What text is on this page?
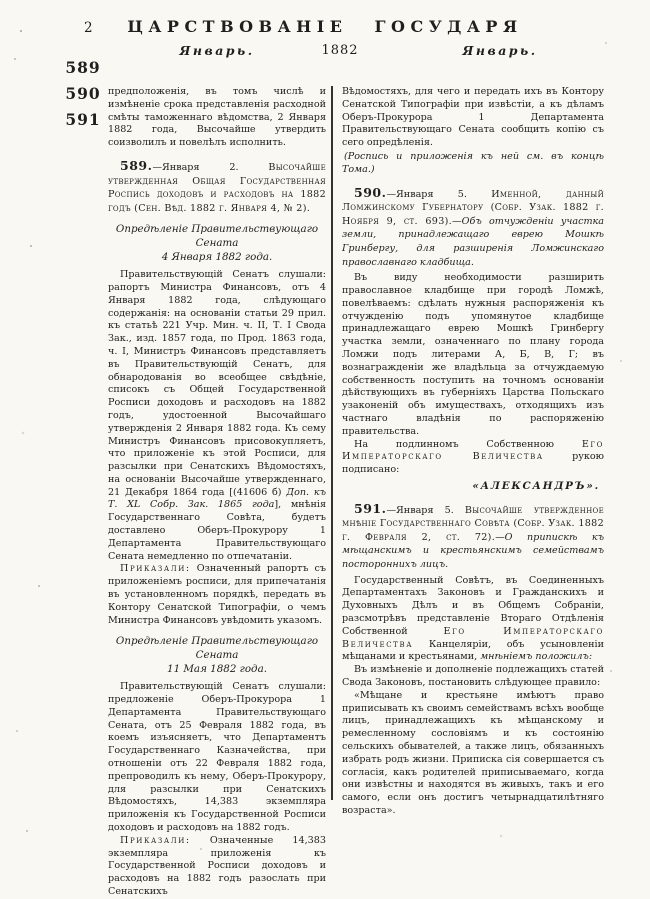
2	ЦАРСТВОВАНІЕ ГОСУДАРЯ
Январь.	1882	Январь.
589
590
591

предположенія, въ томъ числѣ и измѣненіе срока представленія расходной смѣты таможеннаго вѣдомства, 2 Января 1882 года, Высочайше утвердить соизволилъ и повелѣлъ исполнить.

589.—Января 2. Высочайше утвержденная Общая Государственная Роспись доходовъ и расходовъ на 1882 годъ (Сен. Вѣд. 1882 г. Января 4, № 2).

Опредѣленіе Правительствующаго Сената
4 Января 1882 года.

Правительствующій Сенатъ слушали: рапортъ Министра Финансовъ, отъ 4 Января 1882 года, слѣдующаго содержанія: на основаніи статьи 29 прил. къ статьѣ 221 Учр. Мин. ч. II, Т. I Свода Зак., изд. 1857 года, по Прод. 1863 года, ч. I, Министръ Финансовъ представляетъ въ Правительствующій Сенатъ, для обнародованія во всеобщее свѣдѣніе, списокъ съ Общей Государственной Росписи доходовъ и расходовъ на 1882 годъ, удостоенной Высочайшаго утвержденія 2 Января 1882 года. Къ сему Министръ Финансовъ присовокупляетъ, что приложеніе къ этой Росписи, для разсылки при Сенатскихъ Вѣдомостяхъ, на основаніи Высочайше утвержденнаго, 21 Декабря 1864 года [(41606 б) Доп. къ Т. XL Собр. Зак. 1865 года], мнѣнія Государственнаго Совѣта, будетъ доставлено Оберъ-Прокурору 1 Департамента Правительствующаго Сената немедленно по отпечатаніи.

Приказали: Означенный рапортъ съ приложеніемъ росписи, для припечатанія въ установленномъ порядкѣ, передать въ Контору Сенатской Типографіи, о чемъ Министра Финансовъ увѣдомить указомъ.

Опредѣленіе Правительствующаго Сената
11 Мая 1882 года.

Правительствующій Сенатъ слушали: предложеніе Оберъ-Прокурора 1 Департамента Правительствующаго Сената, отъ 25 Февраля 1882 года, въ коемъ изъясняетъ, что Департаментъ Государственнаго Казначейства, при отношеніи отъ 22 Февраля 1882 года, препроводилъ къ нему, Оберъ-Прокурору, для разсылки при Сенатскихъ Вѣдомостяхъ, 14,383 экземпляра приложенія къ Государственной Росписи доходовъ и расходовъ на 1882 годъ.

Приказали: Означенные 14,383 экземпляра приложенія къ Государственной Росписи доходовъ и расходовъ на 1882 годъ разослать при Сенатскихъ

Вѣдомостяхъ, для чего и передать ихъ въ Контору Сенатской Типографіи при извѣстіи, а къ дѣламъ Оберъ-Прокурора 1 Департамента Правительствующаго Сената сообщить копію съ сего опредѣленія.

(Роспись и приложенія къ ней см. въ концѣ Тома.)

590.—Января 5. Именной, данный Ломжинскому Губернатору (Собр. Узак. 1882 г. Ноября 9, ст. 693).—Объ отчужденіи участка земли, принадлежащаго еврею Мошкѣ Гринбергу, для разширенія Ломжинскаго православнаго кладбища.

Въ виду необходимости разширить православное кладбище при городѣ Ломжѣ, повелѣваемъ: сдѣлать нужныя распоряженія къ отчужденію подъ упомянутое кладбище принадлежащаго еврею Мошкѣ Гринбергу участка земли, означеннаго по плану города Ломжи подъ литерами А, Б, В, Г; въ вознагражденіи же владѣльца за отчуждаемую собственность поступить на точномъ основаніи дѣйствующихъ въ губерніяхъ Царства Польскаго узаконеній объ имуществахъ, отходящихъ изъ частнаго владѣнія по распоряженію правительства.

На подлинномъ Собственною Его Императорскаго Величества рукою подписано:

«АЛЕКСАНДРЪ».

591.—Января 5. Высочайше утвержденное мнѣніе Государственнаго Совѣта (Собр. Узак. 1882 г. Февраля 2, ст. 72).—О припискѣ къ мѣщанскимъ и крестьянскимъ семействамъ постороннихъ лицъ.

Государственный Совѣтъ, въ Соединенныхъ Департаментахъ Законовъ и Гражданскихъ и Духовныхъ Дѣлъ и въ Общемъ Собраніи, разсмотрѣвъ представленіе Втораго Отдѣленія Собственной Его Императорскаго Величества Канцеляріи, объ усыновленіи мѣщанами и крестьянами, мнѣніемъ положилъ:

Въ измѣненіе и дополненіе подлежащихъ статей Свода Законовъ, постановить слѣдующее правило:

«Мѣщане и крестьяне имѣютъ право приписывать къ своимъ семействамъ всѣхъ вообще лицъ, принадлежащихъ къ мѣщанскому и ремесленному сословіямъ и къ состоянію сельскихъ обывателей, а также лицъ, обязанныхъ избрать родъ жизни. Приписка сія совершается съ согласія, какъ родителей приписываемаго, когда они извѣстны и находятся въ живыхъ, такъ и его самого, если онъ достигъ четырнадцатилѣтняго возраста».
